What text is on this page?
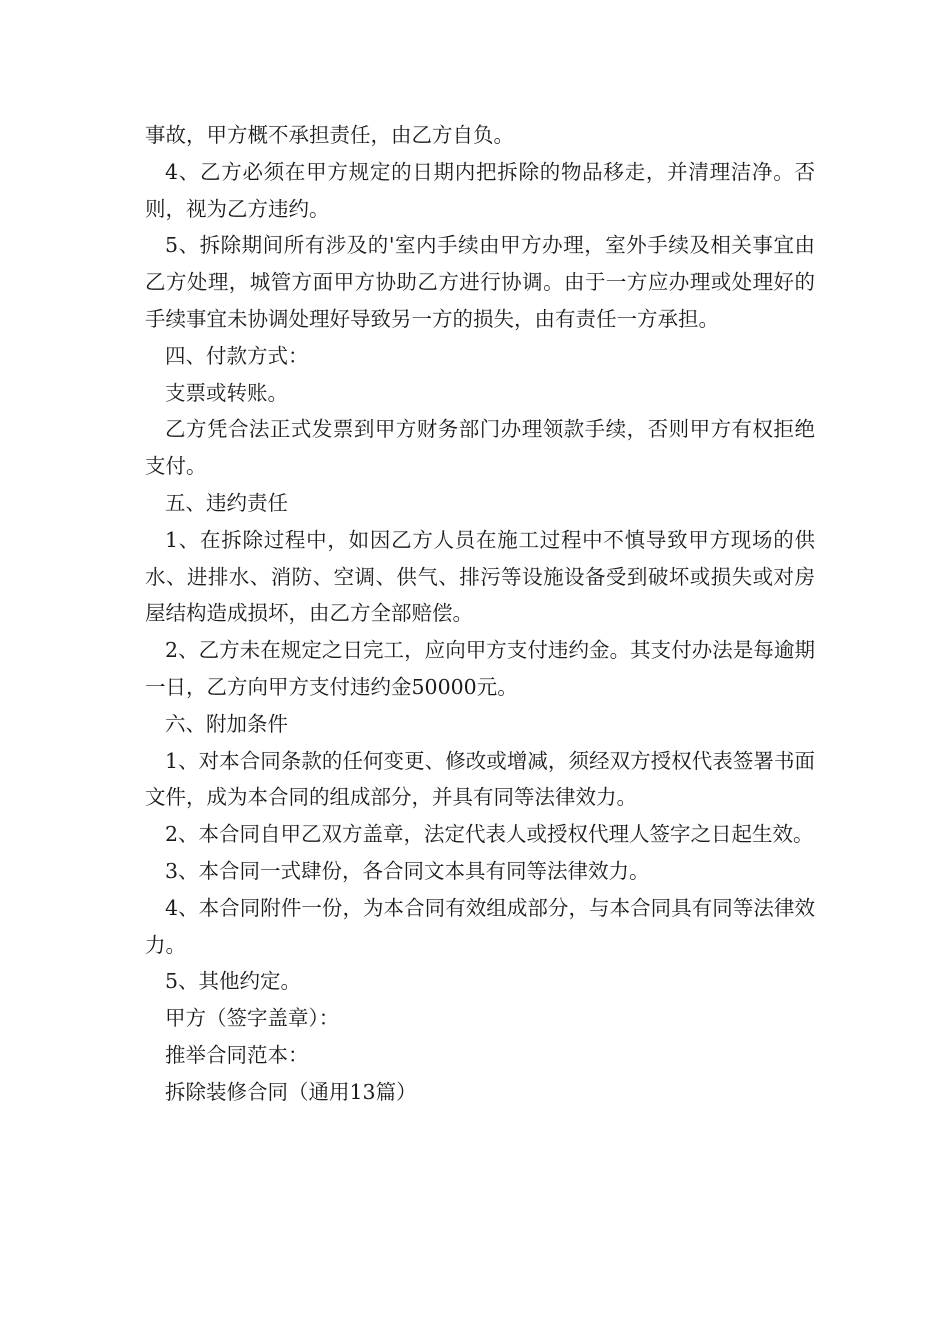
事故，甲方概不承担责任，由乙方自负。

4、乙方必须在甲方规定的日期内把拆除的物品移走，并清理洁净。否则，视为乙方违约。

5、拆除期间所有涉及的'室内手续由甲方办理，室外手续及相关事宜由乙方处理，城管方面甲方协助乙方进行协调。由于一方应办理或处理好的手续事宜未协调处理好导致另一方的损失，由有责任一方承担。

四、付款方式：

支票或转账。

乙方凭合法正式发票到甲方财务部门办理领款手续，否则甲方有权拒绝支付。

五、违约责任

1、在拆除过程中，如因乙方人员在施工过程中不慎导致甲方现场的供水、进排水、消防、空调、供气、排污等设施设备受到破坏或损失或对房屋结构造成损坏，由乙方全部赔偿。

2、乙方未在规定之日完工，应向甲方支付违约金。其支付办法是每逾期一日，乙方向甲方支付违约金50000元。

六、附加条件

1、对本合同条款的任何变更、修改或增减，须经双方授权代表签署书面文件，成为本合同的组成部分，并具有同等法律效力。

2、本合同自甲乙双方盖章，法定代表人或授权代理人签字之日起生效。

3、本合同一式肆份，各合同文本具有同等法律效力。

4、本合同附件一份，为本合同有效组成部分，与本合同具有同等法律效力。

5、其他约定。

甲方（签字盖章）：

推举合同范本：

拆除装修合同（通用13篇）
